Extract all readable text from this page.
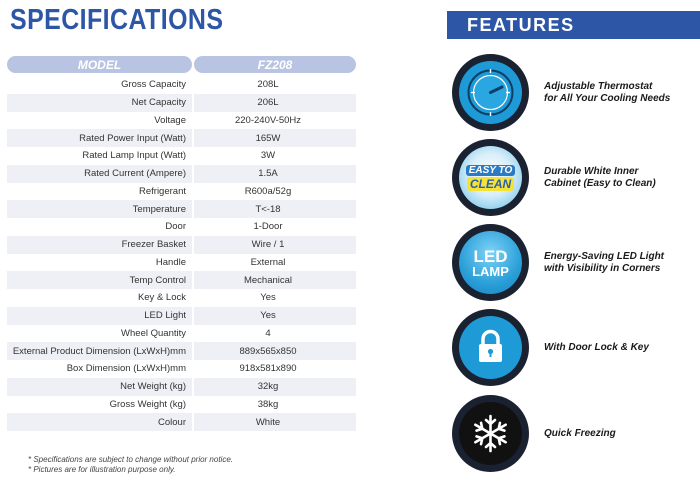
SPECIFICATIONS
MODEL	FZ208
Gross Capacity	208L
Net Capacity	206L
Voltage	220-240V-50Hz
Rated Power Input (Watt)	165W
Rated Lamp Input (Watt)	3W
Rated Current (Ampere)	1.5A
Refrigerant	R600a/52g
Temperature	T<-18
Door	1-Door
Freezer Basket	Wire / 1
Handle	External
Temp Control	Mechanical
Key & Lock	Yes
LED Light	Yes
Wheel Quantity	4
External Product Dimension (LxWxH)mm	889x565x850
Box Dimension (LxWxH)mm	918x581x890
Net Weight (kg)	32kg
Gross Weight (kg)	38kg
Colour	White
* Specifications are subject to change without prior notice.
* Pictures are for illustration purpose only.
FEATURES
Adjustable Thermostat
for All Your Cooling Needs
EASY TO
CLEAN
Durable White Inner
Cabinet (Easy to Clean)
LED
LAMP
Energy-Saving LED Light
with Visibility in Corners
With Door Lock & Key
Quick Freezing
